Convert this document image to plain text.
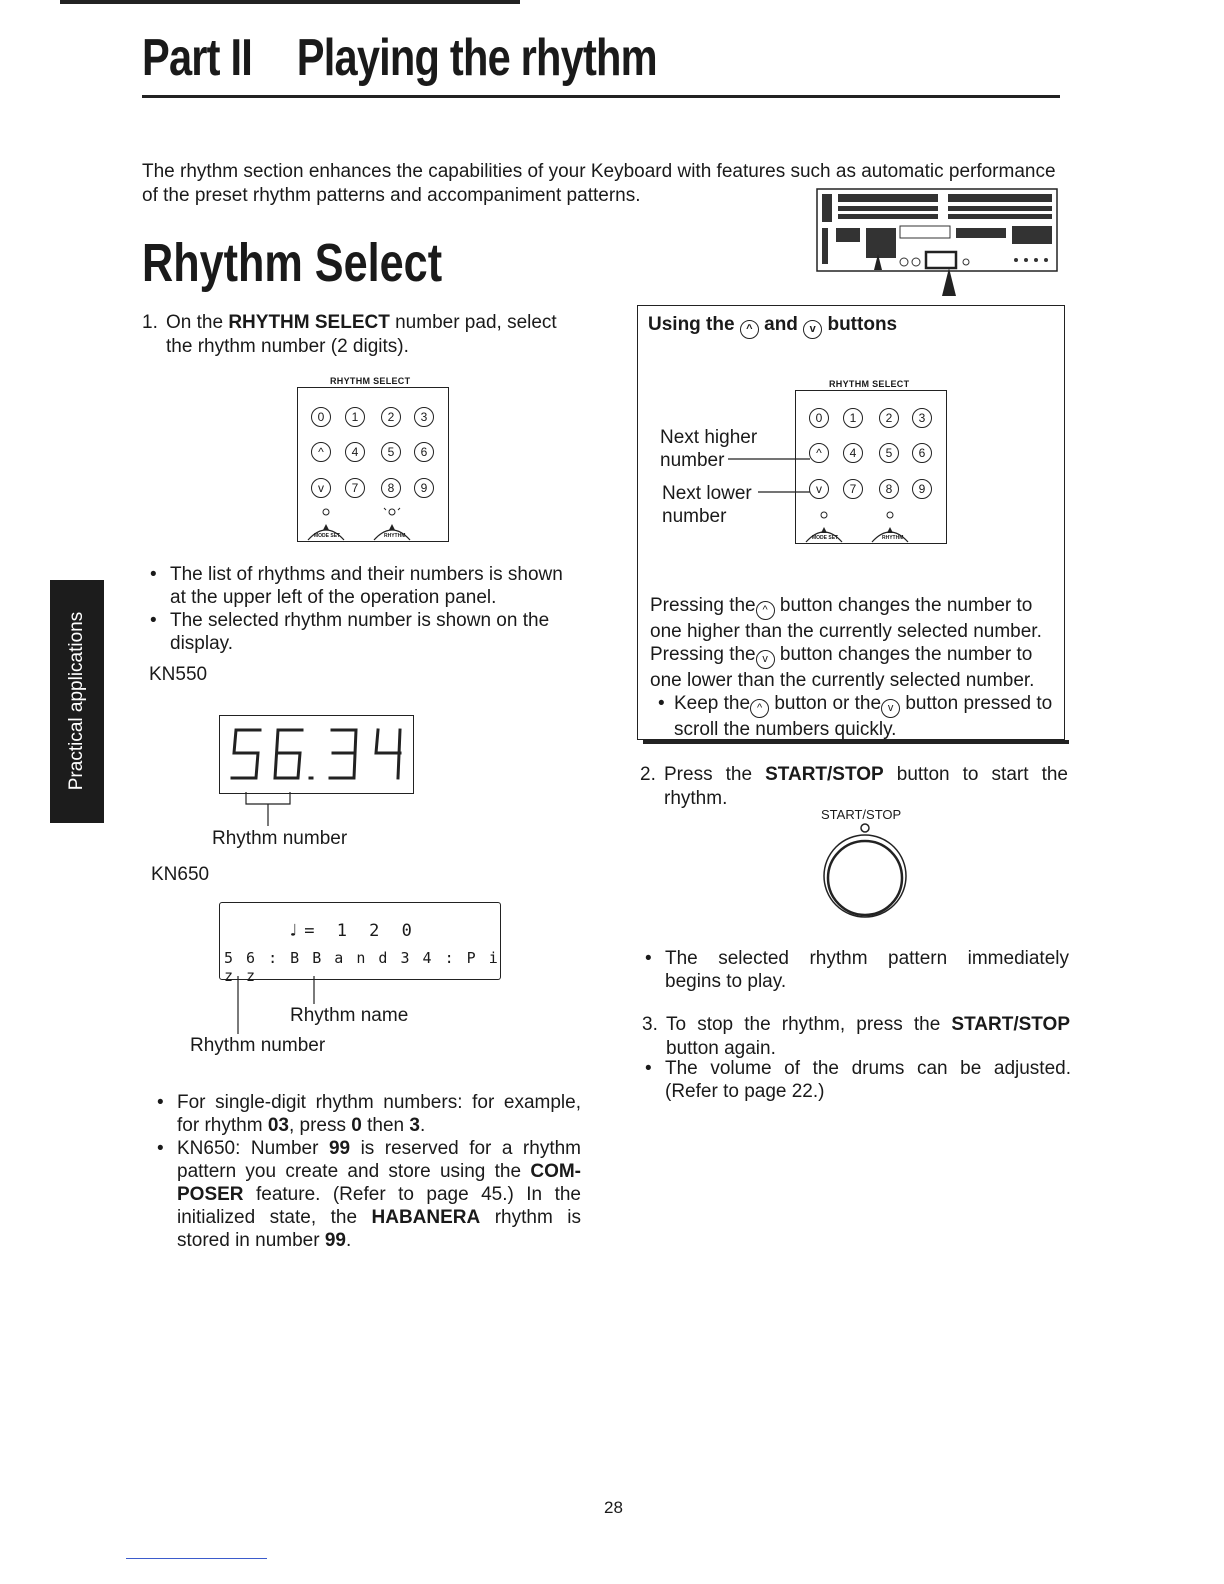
Part II Playing the rhythm
The rhythm section enhances the capabilities of your Keyboard with features such as automatic performance of the preset rhythm patterns and accompaniment patterns.
Rhythm Select
Practical applications
1. On the RHYTHM SELECT number pad, select the rhythm number (2 digits).
RHYTHM SELECT
0	1	2	3
^	4	5	6
v	7	8	9
MODE SET	RHYTHM
• The list of rhythms and their numbers is shown at the upper left of the operation panel.
• The selected rhythm number is shown on the display.
KN550
Rhythm number
KN650
♩= 1 2 0
5 6 : B B a n d 3 4 : P i z z
Rhythm name
Rhythm number
• For single-digit rhythm numbers: for example, for rhythm 03, press 0 then 3.
• KN650: Number 99 is reserved for a rhythm pattern you create and store using the COM-POSER feature. (Refer to page 45.) In the initialized state, the HABANERA rhythm is stored in number 99.
Using the ^ and v buttons
RHYTHM SELECT
0	1	2	3
^	4	5	6
v	7	8	9
MODE SET	RHYTHM
Next higher number
Next lower number
Pressing the ^ button changes the number to one higher than the currently selected number.
Pressing the v button changes the number to one lower than the currently selected number.
• Keep the ^ button or the v button pressed to scroll the numbers quickly.
2. Press the START/STOP button to start the rhythm.
START/STOP
• The selected rhythm pattern immediately begins to play.
3. To stop the rhythm, press the START/STOP button again.
• The volume of the drums can be adjusted. (Refer to page 22.)
28
